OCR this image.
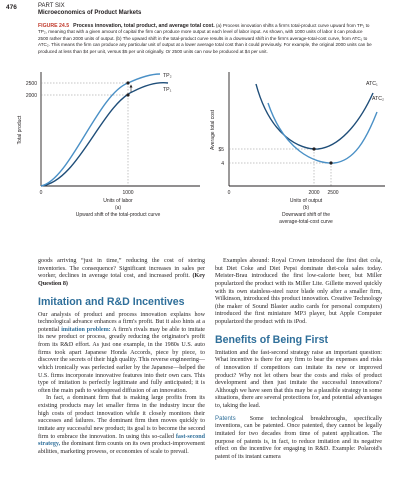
476	PART SIX
Microeconomics of Product Markets
FIGURE 24.5 Process innovation, total product, and average total cost. (a) Process innovation shifts a firm's total-product curve upward from TP₁ to TP₂, meaning that with a given amount of capital the firm can produce more output at each level of labor input. As shown, with 1000 units of labor it can produce 2500 rather than 2000 units of output. (b) The upward shift in the total-product curve results in a downward shift in the firm's average-total-cost curve, from ATC₁ to ATC₂. This means the firm can produce any particular unit of output at a lower average total cost than it could previously. For example, the original 2000 units can be produced at less than $4 per unit, versus $5 per unit originally. Or 2500 units can now be produced at $4 per unit.
TP₂
TP₁
2500
2000
0	1000
Total product
Units of labor
(a)
Upward shift of the total-product curve
ATC₁
ATC₂
$5
4
0	2000 2500
Average total cost
Units of output
(b)
Downward shift of the
average-total-cost curve

goods arriving “just in time,” reducing the cost of storing inventories. The consequence? Significant increases in sales per worker, declines in average total cost, and increased profit. (Key Question 8)

Imitation and R&D Incentives

Our analysis of product and process innovation explains how technological advance enhances a firm's profit. But it also hints at a potential imitation problem: A firm's rivals may be able to imitate its new product or process, greatly reducing the originator's profit from its R&D effort. As just one example, in the 1980s U.S. auto firms took apart Japanese Honda Accords, piece by piece, to discover the secrets of their high quality. This reverse engineering—which ironically was perfected earlier by the Japanese—helped the U.S. firms incorporate innovative features into their own cars. This type of imitation is perfectly legitimate and fully anticipated; it is often the main path to widespread diffusion of an innovation.

In fact, a dominant firm that is making large profits from its existing products may let smaller firms in the industry incur the high costs of product innovation while it closely monitors their successes and failures. The dominant firm then moves quickly to imitate any successful new product; its goal is to become the second firm to embrace the innovation. In using this so-called fast-second strategy, the dominant firm counts on its own product-improvement abilities, marketing prowess, or economies of scale to prevail.

Examples abound: Royal Crown introduced the first diet cola, but Diet Coke and Diet Pepsi dominate diet-cola sales today. Meister-Brau introduced the first low-calorie beer, but Miller popularized the product with its Miller Lite. Gillette moved quickly with its own stainless-steel razor blade only after a smaller firm, Wilkinson, introduced this product innovation. Creative Technology (the maker of Sound Blaster audio cards for personal computers) introduced the first miniature MP3 player, but Apple Computer popularized the product with its iPod.

Benefits of Being First

Imitation and the fast-second strategy raise an important question: What incentive is there for any firm to bear the expenses and risks of innovation if competitors can imitate its new or improved product? Why not let others bear the costs and risks of product development and then just imitate the successful innovations? Although we have seen that this may be a plausible strategy in some situations, there are several protections for, and potential advantages to, taking the lead.

Patents Some technological breakthroughs, specifically inventions, can be patented. Once patented, they cannot be legally imitated for two decades from time of patent application. The purpose of patents is, in fact, to reduce imitation and its negative effect on the incentive for engaging in R&D. Example: Polaroid's patent of its instant camera
